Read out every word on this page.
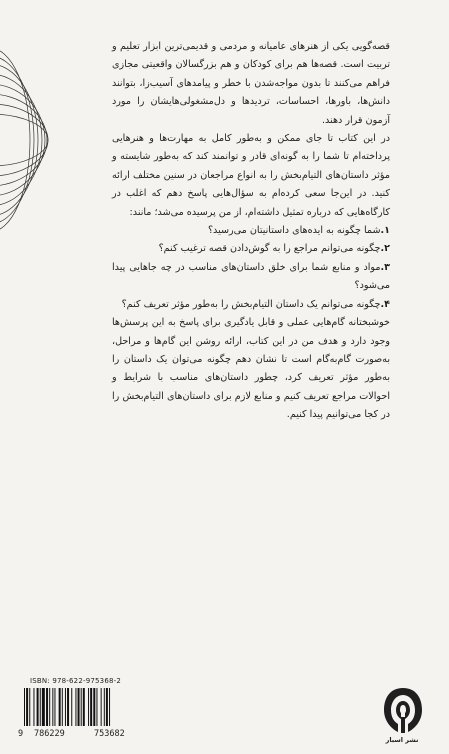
قصه‌گویی یکی از هنرهای عامیانه و مردمی و قدیمی‌ترین ابزار تعلیم و تربیت است. قصه‌ها هم برای کودکان و هم بزرگسالان واقعیتی مجازی فراهم می‌کنند تا بدون مواجه‌شدن با خطر و پیامدهای آسیب‌زا، بتوانند دانش‌ها، باورها، احساسات، تردیدها و دل‌مشغولی‌هایشان را مورد آزمون قرار دهند.

در این کتاب تا جای ممکن و به‌طور کامل به مهارت‌ها و هنرهایی پرداخته‌ام تا شما را به گونه‌ای قادر و توانمند کند که به‌طور شایسته و مؤثر داستان‌های التیام‌بخش را به انواع مراجعان در سنین مختلف ارائه کنید. در این‌جا سعی کرده‌ام به سؤال‌هایی پاسخ دهم که اغلب در کارگاه‌هایی که درباره تمثیل داشته‌ام، از من پرسیده می‌شد؛ مانند:

۱.شما چگونه به ایده‌های داستانیتان می‌رسید؟

۲.چگونه می‌توانم مراجع را به گوش‌دادن قصه ترغیب کنم؟

۳.مواد و منابع شما برای خلق داستان‌های مناسب در چه جاهایی پیدا می‌شود؟

۴.چگونه می‌توانم یک داستان التیام‌بخش را به‌طور مؤثر تعریف کنم؟

خوشبختانه گام‌هایی عملی و قابل یادگیری برای پاسخ به این پرسش‌ها وجود دارد و هدف من در این کتاب، ارائه روشن این گام‌ها و مراحل، به‌صورت گام‌به‌گام است تا نشان دهم چگونه می‌توان یک داستان را به‌طور مؤثر تعریف کرد، چطور داستان‌های مناسب با شرایط و احوالات مراجع تعریف کنیم و منابع لازم برای داستان‌های التیام‌بخش را در کجا می‌توانیم پیدا کنیم.

ISBN: 978-622-975368-2
9 786229	753682
نشر اسبار
